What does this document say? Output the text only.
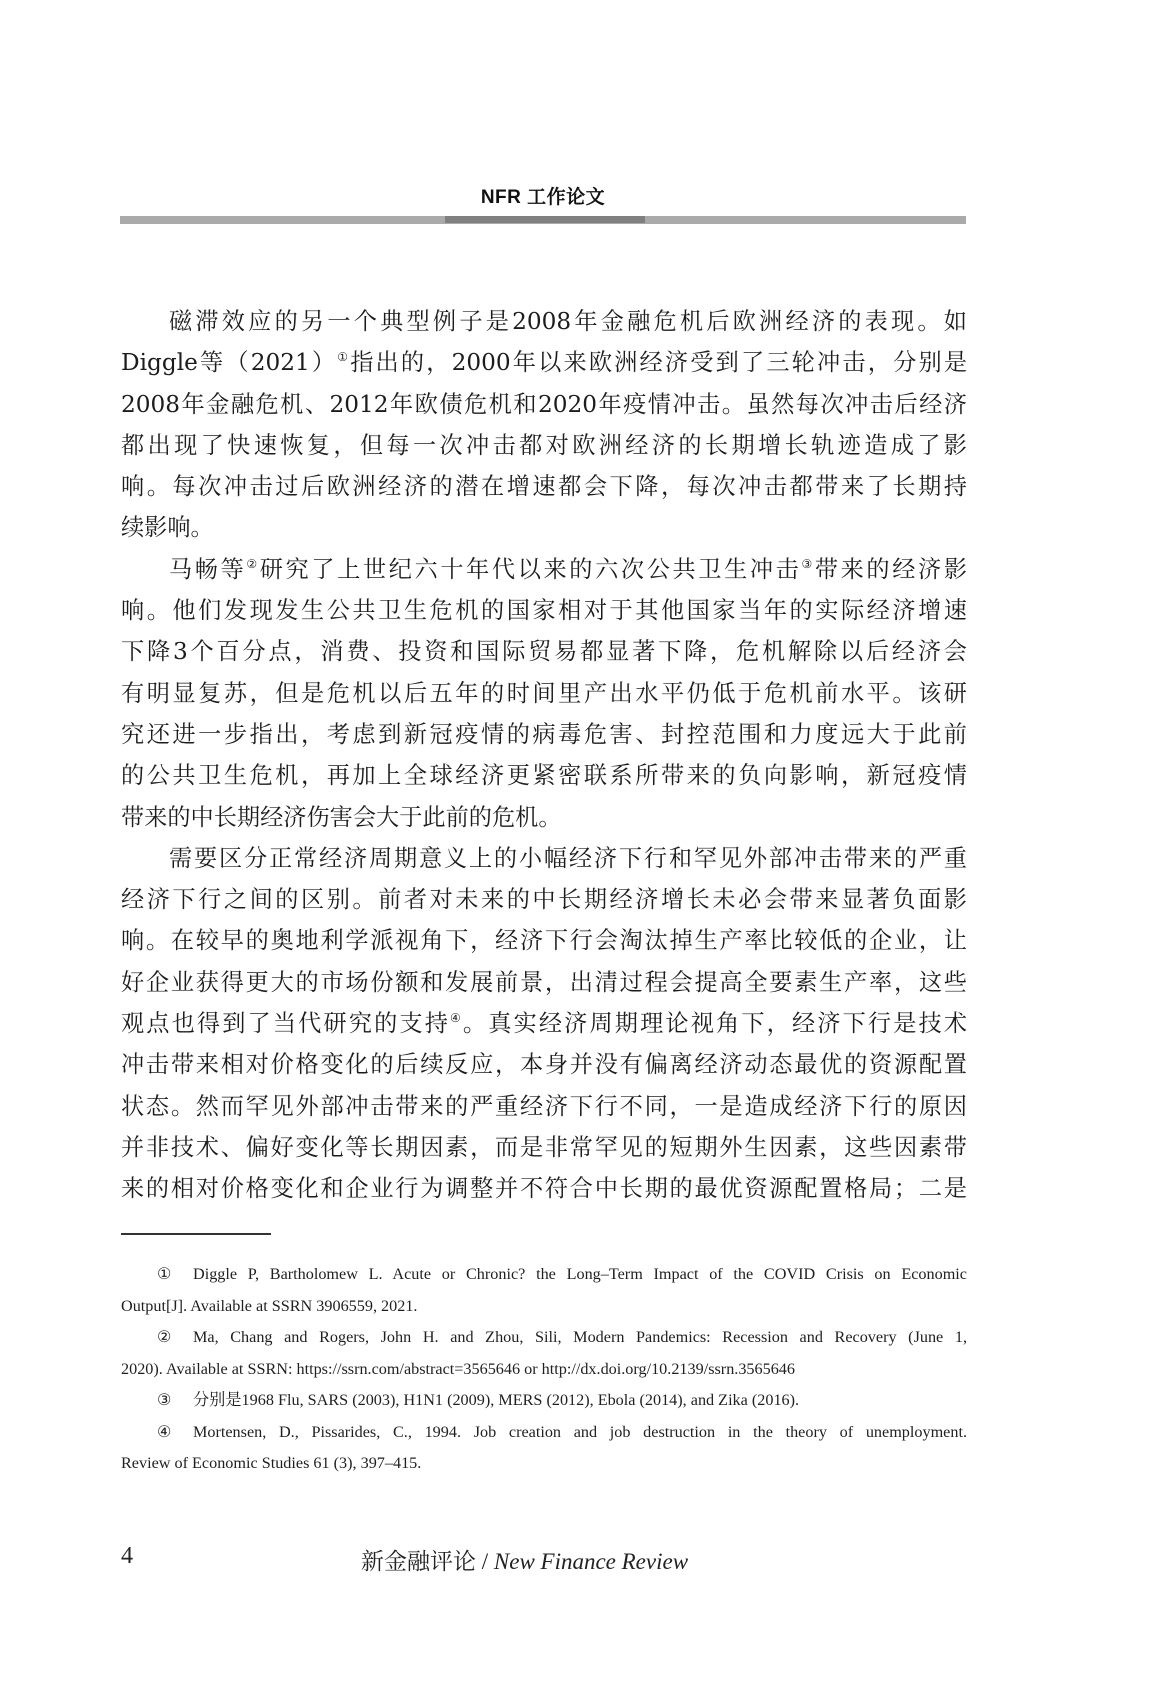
NFR 工作论文
磁滞效应的另一个典型例子是2008年金融危机后欧洲经济的表现。如
Diggle等（2021）①指出的，2000年以来欧洲经济受到了三轮冲击，分别是
2008年金融危机、2012年欧债危机和2020年疫情冲击。虽然每次冲击后经济
都出现了快速恢复，但每一次冲击都对欧洲经济的长期增长轨迹造成了影
响。每次冲击过后欧洲经济的潜在增速都会下降，每次冲击都带来了长期持
续影响。
马畅等②研究了上世纪六十年代以来的六次公共卫生冲击③带来的经济影
响。他们发现发生公共卫生危机的国家相对于其他国家当年的实际经济增速
下降3个百分点，消费、投资和国际贸易都显著下降，危机解除以后经济会
有明显复苏，但是危机以后五年的时间里产出水平仍低于危机前水平。该研
究还进一步指出，考虑到新冠疫情的病毒危害、封控范围和力度远大于此前
的公共卫生危机，再加上全球经济更紧密联系所带来的负向影响，新冠疫情
带来的中长期经济伤害会大于此前的危机。
需要区分正常经济周期意义上的小幅经济下行和罕见外部冲击带来的严重
经济下行之间的区别。前者对未来的中长期经济增长未必会带来显著负面影
响。在较早的奥地利学派视角下，经济下行会淘汰掉生产率比较低的企业，让
好企业获得更大的市场份额和发展前景，出清过程会提高全要素生产率，这些
观点也得到了当代研究的支持④。真实经济周期理论视角下，经济下行是技术
冲击带来相对价格变化的后续反应，本身并没有偏离经济动态最优的资源配置
状态。然而罕见外部冲击带来的严重经济下行不同，一是造成经济下行的原因
并非技术、偏好变化等长期因素，而是非常罕见的短期外生因素，这些因素带
来的相对价格变化和企业行为调整并不符合中长期的最优资源配置格局；二是
① Diggle P, Bartholomew L. Acute or Chronic? the Long–Term Impact of the COVID Crisis on Economic
Output[J]. Available at SSRN 3906559, 2021.
② Ma, Chang and Rogers, John H. and Zhou, Sili, Modern Pandemics: Recession and Recovery (June 1,
2020). Available at SSRN: https://ssrn.com/abstract=3565646 or http://dx.doi.org/10.2139/ssrn.3565646
③ 分别是1968 Flu, SARS (2003), H1N1 (2009), MERS (2012), Ebola (2014), and Zika (2016).
④ Mortensen, D., Pissarides, C., 1994. Job creation and job destruction in the theory of unemployment.
Review of Economic Studies 61 (3), 397–415.
4	新金融评论 / New Finance Review
